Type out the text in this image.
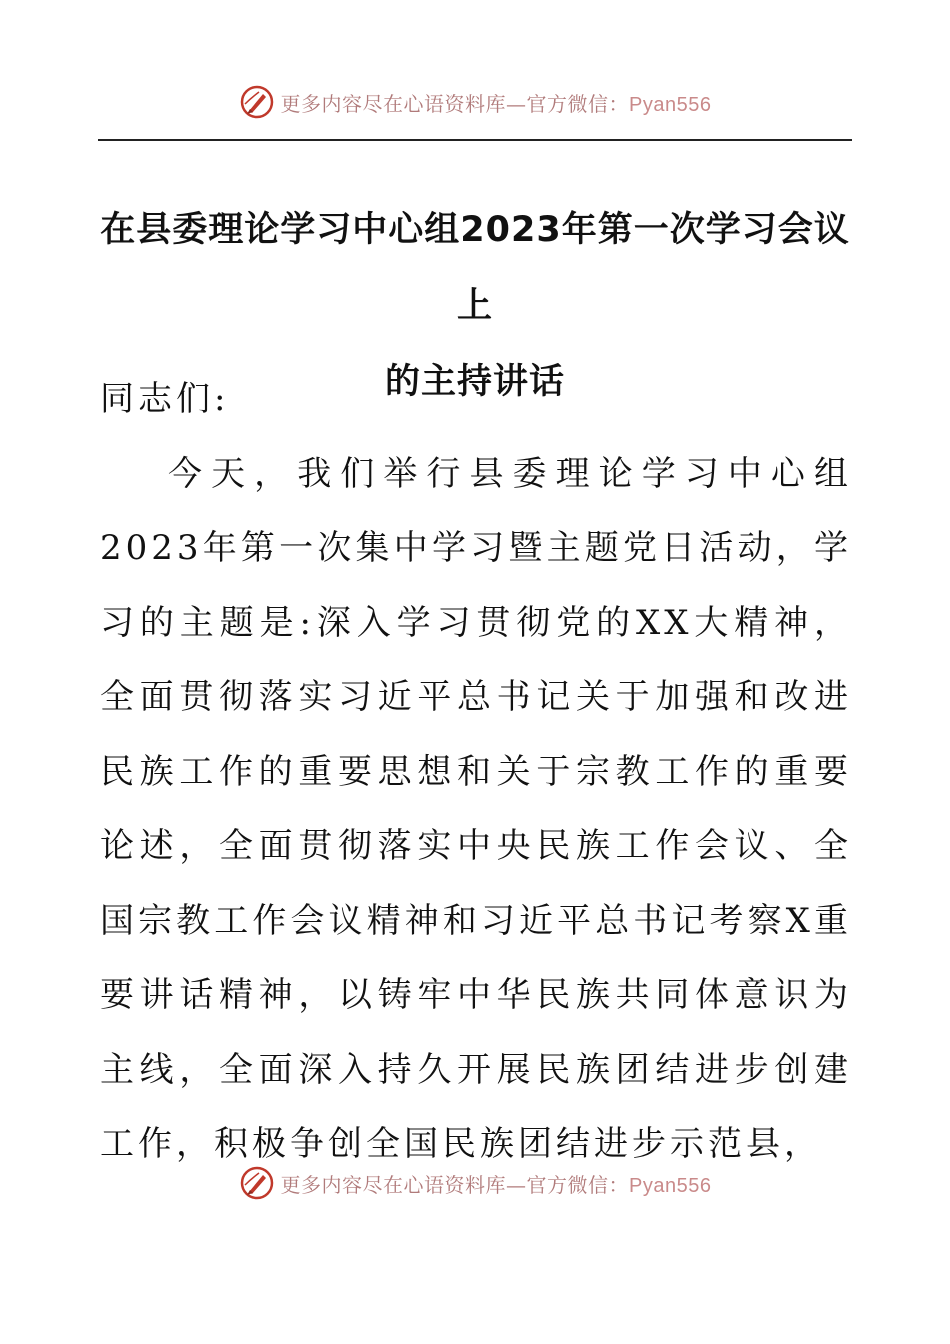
更多内容尽在心语资料库—官方微信：Pyan556
在县委理论学习中心组2023年第一次学习会议上
的主持讲话

同志们:

今天，我们举行县委理论学习中心组2023年第一次集中学习暨主题党日活动，学习的主题是:深入学习贯彻党的XX大精神，全面贯彻落实习近平总书记关于加强和改进民族工作的重要思想和关于宗教工作的重要论述，全面贯彻落实中央民族工作会议、全国宗教工作会议精神和习近平总书记考察X重要讲话精神，以铸牢中华民族共同体意识为主线，全面深入持久开展民族团结进步创建工作，积极争创全国民族团结进步示范县，

更多内容尽在心语资料库—官方微信：Pyan556
